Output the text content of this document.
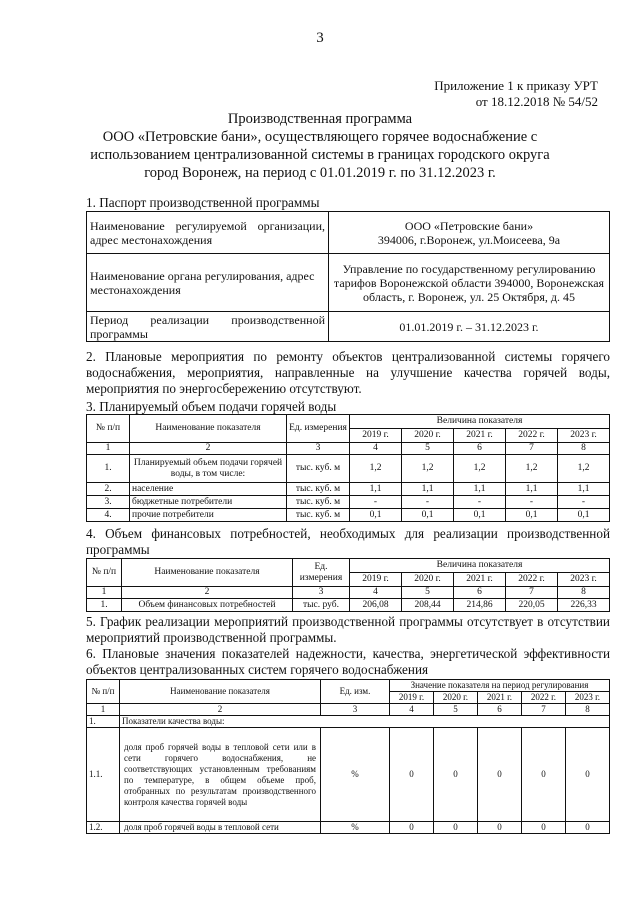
3
Приложение 1 к приказу УРТ
от 18.12.2018 № 54/52
Производственная программа
ООО «Петровские бани», осуществляющего горячее водоснабжение с
использованием централизованной системы в границах городского округа
город Воронеж, на период с 01.01.2019 г. по 31.12.2023 г.
1. Паспорт производственной программы
Наименование регулируемой организации, адрес местонахождения	ООО «Петровские бани»
394006, г.Воронеж, ул.Моисеева, 9а

Наименование органа регулирования, адрес местонахождения	Управление по государственному регулированию тарифов Воронежской области 394000, Воронежская область, г. Воронеж, ул. 25 Октября, д. 45
Период реализации производственной программы	01.01.2019 г. – 31.12.2023 г.
2. Плановые мероприятия по ремонту объектов централизованной системы горячего водоснабжения, мероприятия, направленные на улучшение качества горячей воды, мероприятия по энергосбережению отсутствуют.
3. Планируемый объем подачи горячей воды
№ п/п	Наименование показателя	Ед. измерения	Величина показателя				
			2019 г.	2020 г.	2021 г.	2022 г.	2023 г.
1	2	3	4	5	6	7	8
1.	Планируемый объем подачи горячей воды, в том числе:	тыс. куб. м	1,2	1,2	1,2	1,2	1,2
2.	население	тыс. куб. м	1,1	1,1	1,1	1,1	1,1
3.	бюджетные потребители	тыс. куб. м	-	-	-	-	-
4.	прочие потребители	тыс. куб. м	0,1	0,1	0,1	0,1	0,1
4. Объем финансовых потребностей, необходимых для реализации производственной программы
№ п/п	Наименование показателя	Ед. измерения	Величина показателя				
			2019 г.	2020 г.	2021 г.	2022 г.	2023 г.
1	2	3	4	5	6	7	8
1.	Объем финансовых потребностей	тыс. руб.	206,08	208,44	214,86	220,05	226,33
5. График реализации мероприятий производственной программы отсутствует в отсутствии мероприятий производственной программы.
6. Плановые значения показателей надежности, качества, энергетической эффективности объектов централизованных систем горячего водоснабжения
№ п/п	Наименование показателя	Ед. изм.	Значение показателя на период регулирования				
			2019 г.	2020 г.	2021 г.	2022 г.	2023 г.
1	2	3	4	5	6	7	8
1.	Показатели качества воды:						
1.1.	доля проб горячей воды в тепловой сети или в сети горячего водоснабжения, не соответствующих установленным требованиям по температуре, в общем объеме проб, отобранных по результатам производственного контроля качества горячей воды	%	0	0	0	0	0
1.2.	доля проб горячей воды в тепловой сети	%	0	0	0	0	0
